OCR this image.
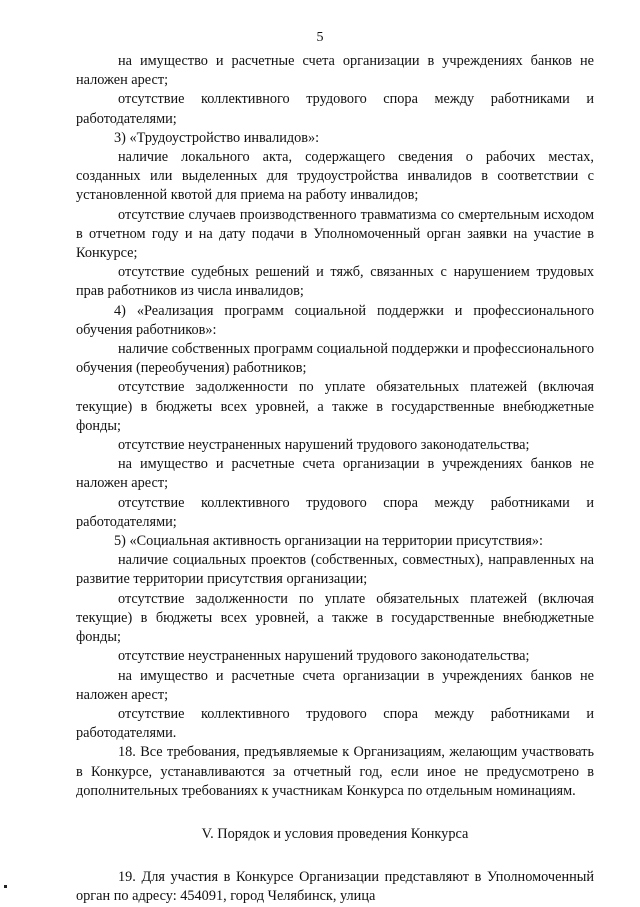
5

на имущество и расчетные счета организации в учреждениях банков не наложен арест;

отсутствие коллективного трудового спора между работниками и работодателями;

3) «Трудоустройство инвалидов»:

наличие локального акта, содержащего сведения о рабочих местах, созданных или выделенных для трудоустройства инвалидов в соответствии с установленной квотой для приема на работу инвалидов;

отсутствие случаев производственного травматизма со смертельным исходом в отчетном году и на дату подачи в Уполномоченный орган заявки на участие в Конкурсе;

отсутствие судебных решений и тяжб, связанных с нарушением трудовых прав работников из числа инвалидов;

4) «Реализация программ социальной поддержки и профессионального обучения работников»:

наличие собственных программ социальной поддержки и профессионального обучения (переобучения) работников;

отсутствие задолженности по уплате обязательных платежей (включая текущие) в бюджеты всех уровней, а также в государственные внебюджетные фонды;

отсутствие неустраненных нарушений трудового законодательства;

на имущество и расчетные счета организации в учреждениях банков не наложен арест;

отсутствие коллективного трудового спора между работниками и работодателями;

5) «Социальная активность организации на территории присутствия»:

наличие социальных проектов (собственных, совместных), направленных на развитие территории присутствия организации;

отсутствие задолженности по уплате обязательных платежей (включая текущие) в бюджеты всех уровней, а также в государственные внебюджетные фонды;

отсутствие неустраненных нарушений трудового законодательства;

на имущество и расчетные счета организации в учреждениях банков не наложен арест;

отсутствие коллективного трудового спора между работниками и работодателями.

18. Все требования, предъявляемые к Организациям, желающим участвовать в Конкурсе, устанавливаются за отчетный год, если иное не предусмотрено в дополнительных требованиях к участникам Конкурса по отдельным номинациям.

V. Порядок и условия проведения Конкурса

19. Для участия в Конкурсе Организации представляют в Уполномоченный орган по адресу: 454091, город Челябинск, улица
